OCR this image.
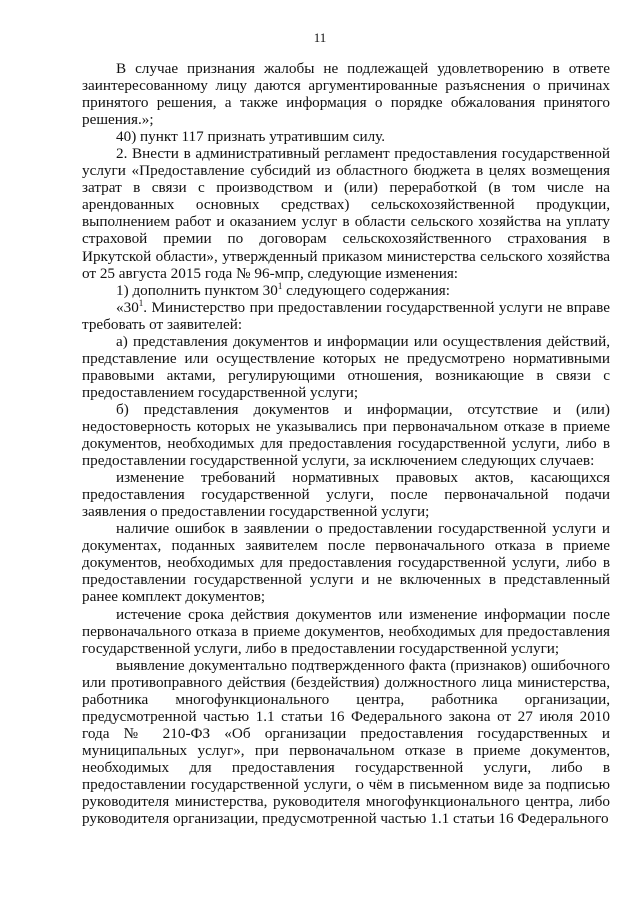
11

В случае признания жалобы не подлежащей удовлетворению в ответе заинтересованному лицу даются аргументированные разъяснения о причинах принятого решения, а также информация о порядке обжалования принятого решения.»;

40) пункт 117 признать утратившим силу.

2. Внести в административный регламент предоставления государственной услуги «Предоставление субсидий из областного бюджета в целях возмещения затрат в связи с производством и (или) переработкой (в том числе на арендованных основных средствах) сельскохозяйственной продукции, выполнением работ и оказанием услуг в области сельского хозяйства на уплату страховой премии по договорам сельскохозяйственного страхования в Иркутской области», утвержденный приказом министерства сельского хозяйства от 25 августа 2015 года № 96-мпр, следующие изменения:

1) дополнить пунктом $30^1$ следующего содержания:

«$30^1$. Министерство при предоставлении государственной услуги не вправе требовать от заявителей:

а) представления документов и информации или осуществления действий, представление или осуществление которых не предусмотрено нормативными правовыми актами, регулирующими отношения, возникающие в связи с предоставлением государственной услуги;

б) представления документов и информации, отсутствие и (или) недостоверность которых не указывались при первоначальном отказе в приеме документов, необходимых для предоставления государственной услуги, либо в предоставлении государственной услуги, за исключением следующих случаев:

изменение требований нормативных правовых актов, касающихся предоставления государственной услуги, после первоначальной подачи заявления о предоставлении государственной услуги;

наличие ошибок в заявлении о предоставлении государственной услуги и документах, поданных заявителем после первоначального отказа в приеме документов, необходимых для предоставления государственной услуги, либо в предоставлении государственной услуги и не включенных в представленный ранее комплект документов;

истечение срока действия документов или изменение информации после первоначального отказа в приеме документов, необходимых для предоставления государственной услуги, либо в предоставлении государственной услуги;

выявление документально подтвержденного факта (признаков) ошибочного или противоправного действия (бездействия) должностного лица министерства, работника многофункционального центра, работника организации, предусмотренной частью 1.1 статьи 16 Федерального закона от 27 июля 2010 года № 210-ФЗ «Об организации предоставления государственных и муниципальных услуг», при первоначальном отказе в приеме документов, необходимых для предоставления государственной услуги, либо в предоставлении государственной услуги, о чём в письменном виде за подписью руководителя министерства, руководителя многофункционального центра, либо руководителя организации, предусмотренной частью 1.1 статьи 16 Федерального
